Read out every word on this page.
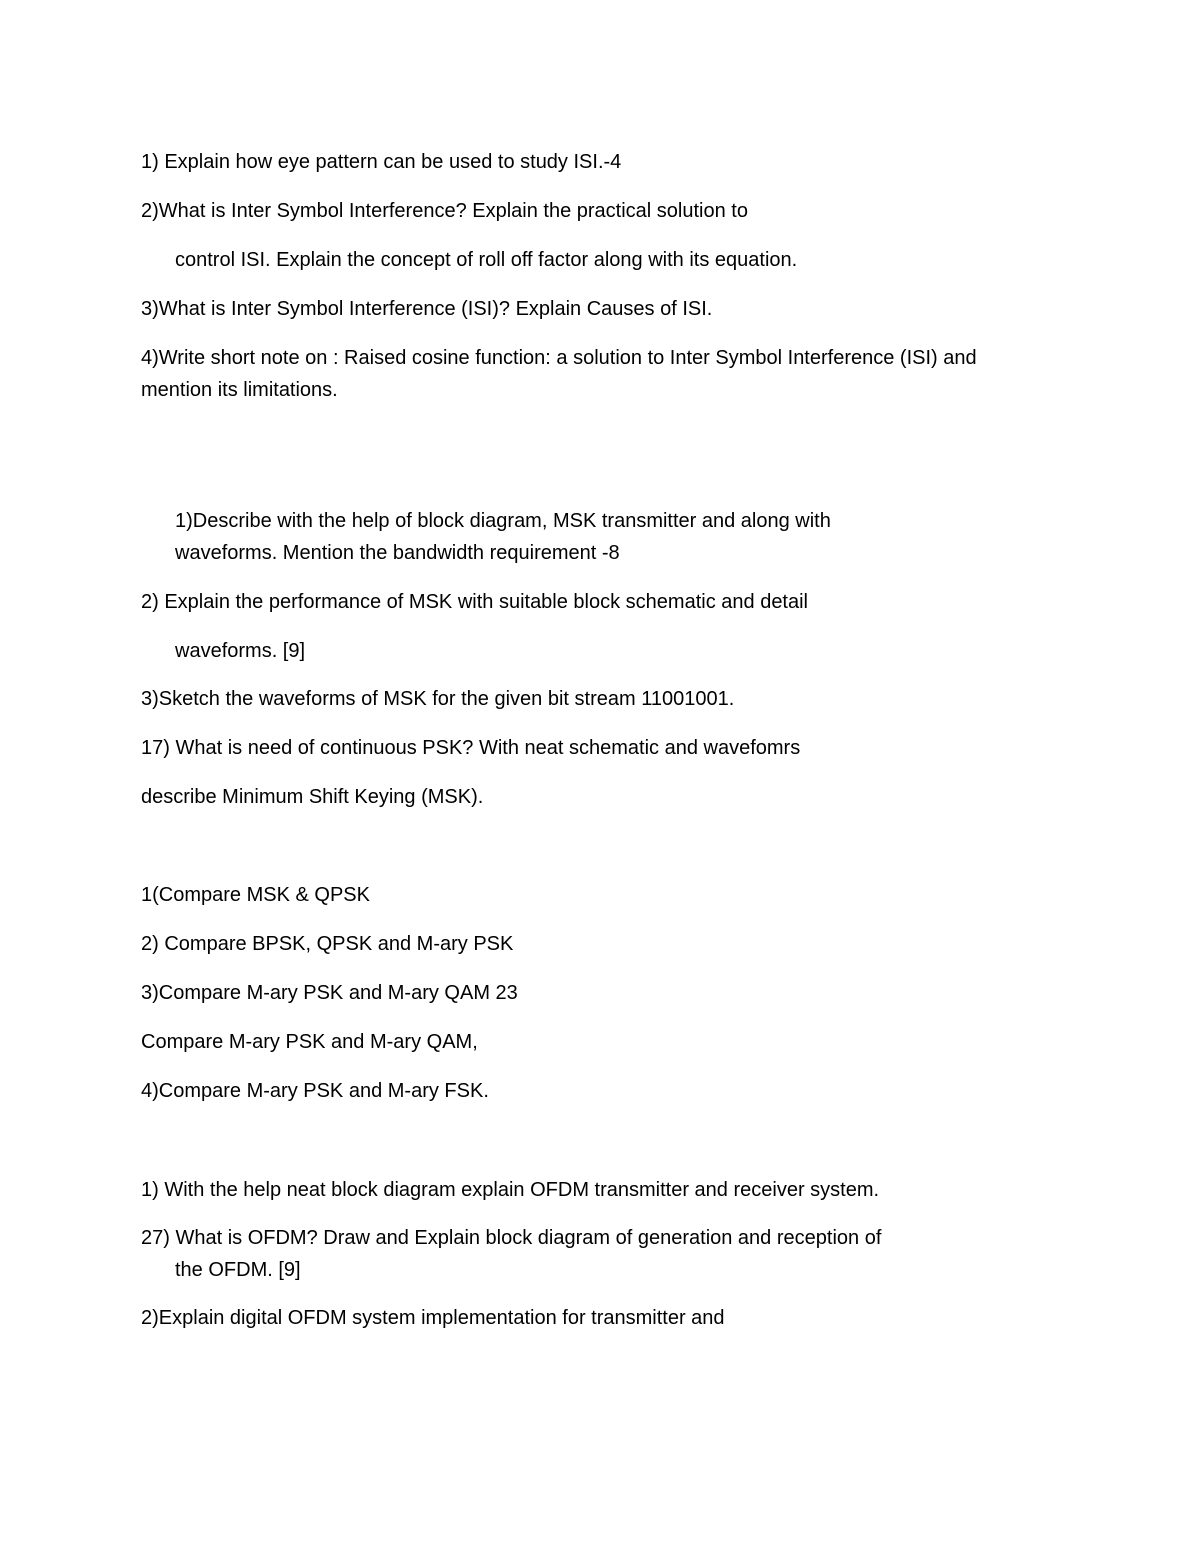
1) Explain how eye pattern can be used to study ISI.-4
2)What is Inter Symbol Interference? Explain the practical solution to
control ISI. Explain the concept of roll off factor along with its equation.
3)What is Inter Symbol Interference (ISI)? Explain Causes of ISI.
4)Write short note on : Raised cosine function: a solution to Inter Symbol Interference (ISI) and
mention its limitations.
1)Describe with the help of block diagram, MSK transmitter and along with
waveforms. Mention the bandwidth requirement -8
2) Explain the performance of MSK with suitable block schematic and detail
waveforms. [9]
3)Sketch the waveforms of MSK for the given bit stream 11001001.
17) What is need of continuous PSK? With neat schematic and wavefomrs
describe Minimum Shift Keying (MSK).
1(Compare MSK & QPSK
2) Compare BPSK, QPSK and M-ary PSK
3)Compare M-ary PSK and M-ary QAM 23
Compare M-ary PSK and M-ary QAM,
4)Compare M-ary PSK and M-ary FSK.
1) With the help neat block diagram explain OFDM transmitter and receiver system.
27) What is OFDM? Draw and Explain block diagram of generation and reception of
the OFDM. [9]
2)Explain digital OFDM system implementation for transmitter and
